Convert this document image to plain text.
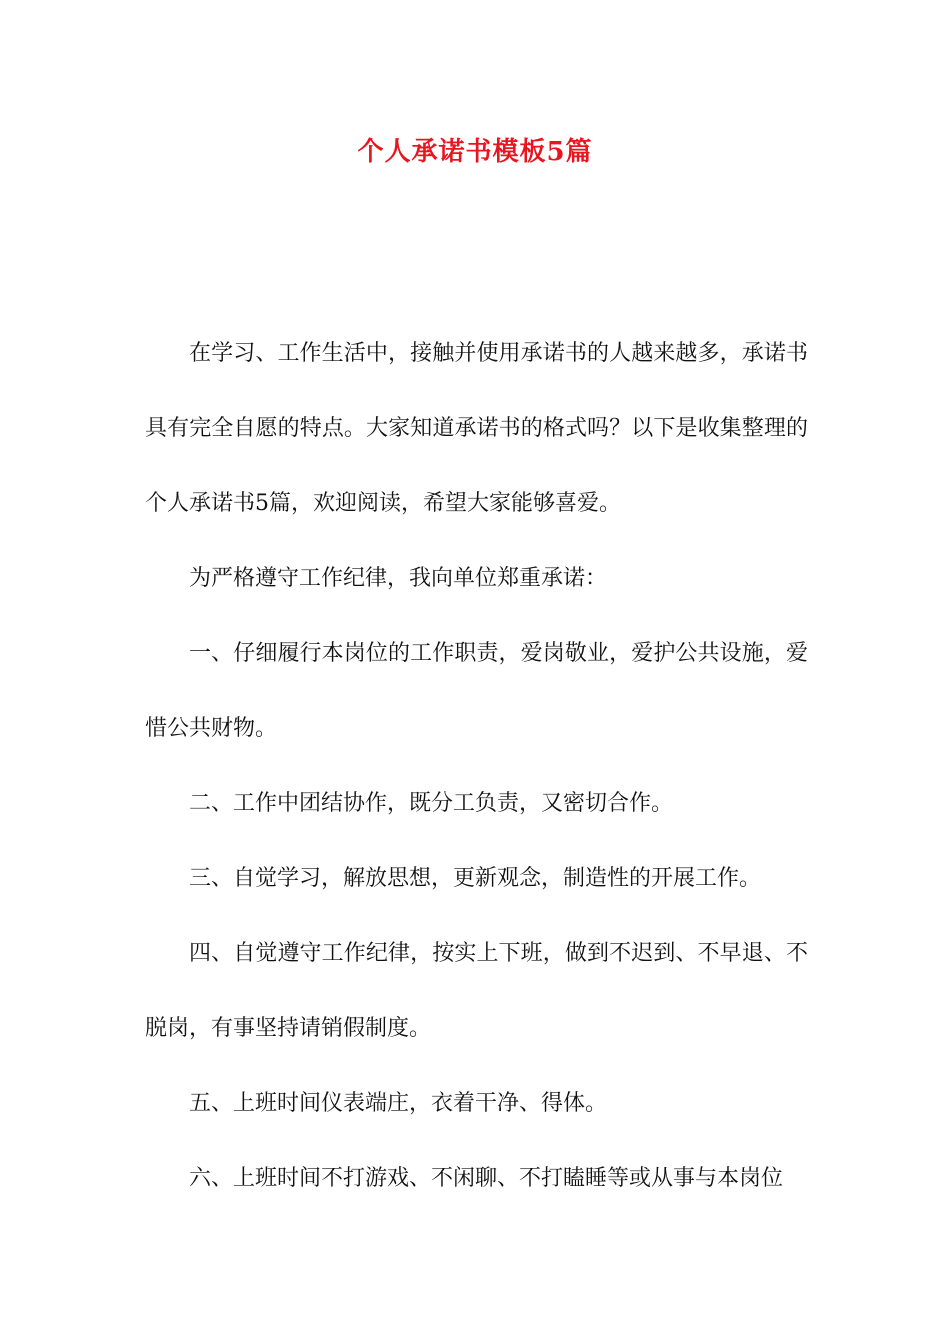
个人承诺书模板5篇

在学习、工作生活中，接触并使用承诺书的人越来越多，承诺书具有完全自愿的特点。大家知道承诺书的格式吗？以下是收集整理的个人承诺书5篇，欢迎阅读，希望大家能够喜爱。

为严格遵守工作纪律，我向单位郑重承诺：

一、仔细履行本岗位的工作职责，爱岗敬业，爱护公共设施，爱惜公共财物。

二、工作中团结协作，既分工负责，又密切合作。

三、自觉学习，解放思想，更新观念，制造性的开展工作。

四、自觉遵守工作纪律，按实上下班，做到不迟到、不早退、不脱岗，有事坚持请销假制度。

五、上班时间仪表端庄，衣着干净、得体。

六、上班时间不打游戏、不闲聊、不打瞌睡等或从事与本岗位
